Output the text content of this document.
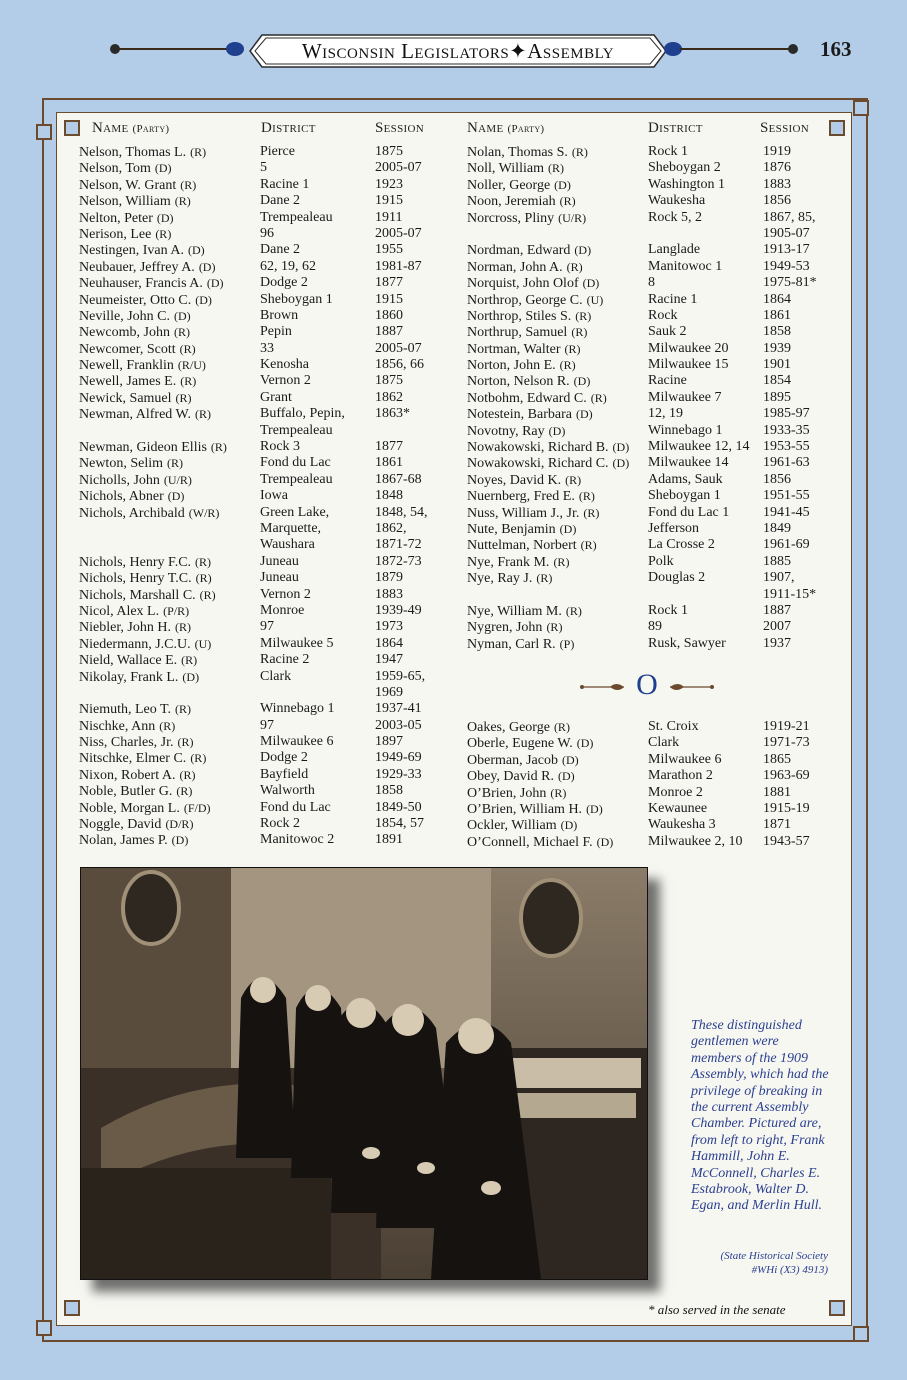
Wisconsin Legislators✦Assembly	163
Name (Party)	District	Session	Name (Party)	District	Session
Nelson, Thomas L. (R)	Pierce	1875
Nelson, Tom (D)	5	2005-07
Nelson, W. Grant (R)	Racine 1	1923
Nelson, William (R)	Dane 2	1915
Nelton, Peter (D)	Trempealeau	1911
Nerison, Lee (R)	96	2005-07
Nestingen, Ivan A. (D)	Dane 2	1955
Neubauer, Jeffrey A. (D)	62, 19, 62	1981-87
Neuhauser, Francis A. (D)	Dodge 2	1877
Neumeister, Otto C. (D)	Sheboygan 1	1915
Neville, John C. (D)	Brown	1860
Newcomb, John (R)	Pepin	1887
Newcomer, Scott (R)	33	2005-07
Newell, Franklin (R/U)	Kenosha	1856, 66
Newell, James E. (R)	Vernon 2	1875
Newick, Samuel (R)	Grant	1862
Newman, Alfred W. (R)	Buffalo, Pepin, 1863*
Trempealeau
Newman, Gideon Ellis (R) Rock 3	1877
Newton, Selim (R)	Fond du Lac	1861
Nicholls, John (U/R)	Trempealeau	1867-68
Nichols, Abner (D)	Iowa	1848
Nichols, Archibald (W/R)	Green Lake,	1848, 54,
Marquette,	1862,
Waushara	1871-72
Nichols, Henry F.C. (R)	Juneau	1872-73
Nichols, Henry T.C. (R)	Juneau	1879
Nichols, Marshall C. (R)	Vernon 2	1883
Nicol, Alex L. (P/R)	Monroe	1939-49
Niebler, John H. (R)	97	1973
Niedermann, J.C.U. (U)	Milwaukee 5	1864
Nield, Wallace E. (R)	Racine 2	1947
Nikolay, Frank L. (D)	Clark	1959-65,
1969
Niemuth, Leo T. (R)	Winnebago 1	1937-41
Nischke, Ann (R)	97	2003-05
Niss, Charles, Jr. (R)	Milwaukee 6	1897
Nitschke, Elmer C. (R)	Dodge 2	1949-69
Nixon, Robert A. (R)	Bayfield	1929-33
Noble, Butler G. (R)	Walworth	1858
Noble, Morgan L. (F/D)	Fond du Lac	1849-50
Noggle, David (D/R)	Rock 2	1854, 57
Nolan, James P. (D)	Manitowoc 2	1891
Nolan, Thomas S. (R)	Rock 1	1919
Noll, William (R)	Sheboygan 2	1876
Noller, George (D)	Washington 1	1883
Noon, Jeremiah (R)	Waukesha	1856
Norcross, Pliny (U/R)	Rock 5, 2	1867, 85,
1905-07
Nordman, Edward (D)	Langlade	1913-17
Norman, John A. (R)	Manitowoc 1	1949-53
Norquist, John Olof (D)	8	1975-81*
Northrop, George C. (U)	Racine 1	1864
Northrop, Stiles S. (R)	Rock	1861
Northrup, Samuel (R)	Sauk 2	1858
Nortman, Walter (R)	Milwaukee 20 1939
Norton, John E. (R)	Milwaukee 15 1901
Norton, Nelson R. (D)	Racine	1854
Notbohm, Edward C. (R)	Milwaukee 7	1895
Notestein, Barbara (D)	12, 19	1985-97
Novotny, Ray (D)	Winnebago 1	1933-35
Nowakowski, Richard B. (D) Milwaukee 12, 14 1953-55
Nowakowski, Richard C. (D) Milwaukee 14 1961-63
Noyes, David K. (R)	Adams, Sauk	1856
Nuernberg, Fred E. (R)	Sheboygan 1	1951-55
Nuss, William J., Jr. (R)	Fond du Lac 1 1941-45
Nute, Benjamin (D)	Jefferson	1849
Nuttelman, Norbert (R)	La Crosse 2	1961-69
Nye, Frank M. (R)	Polk	1885
Nye, Ray J. (R)	Douglas 2	1907,
1911-15*
Nye, William M. (R)	Rock 1	1887
Nygren, John (R)	89	2007
Nyman, Carl R. (P)	Rusk, Sawyer	1937
O
Oakes, George (R)	St. Croix	1919-21
Oberle, Eugene W. (D)	Clark	1971-73
Oberman, Jacob (D)	Milwaukee 6	1865
Obey, David R. (D)	Marathon 2	1963-69
O’Brien, John (R)	Monroe 2	1881
O’Brien, William H. (D)	Kewaunee	1915-19
Ockler, William (D)	Waukesha 3	1871
O’Connell, Michael F. (D) Milwaukee 2, 10 1943-57
These distinguished gentlemen were members of the 1909 Assembly, which had the privilege of breaking in the current Assembly Chamber. Pictured are, from left to right, Frank Hammill, John E. McConnell, Charles E. Estabrook, Walter D. Egan, and Merlin Hull.
(State Historical Society
#WHi (X3) 4913)
* also served in the senate
